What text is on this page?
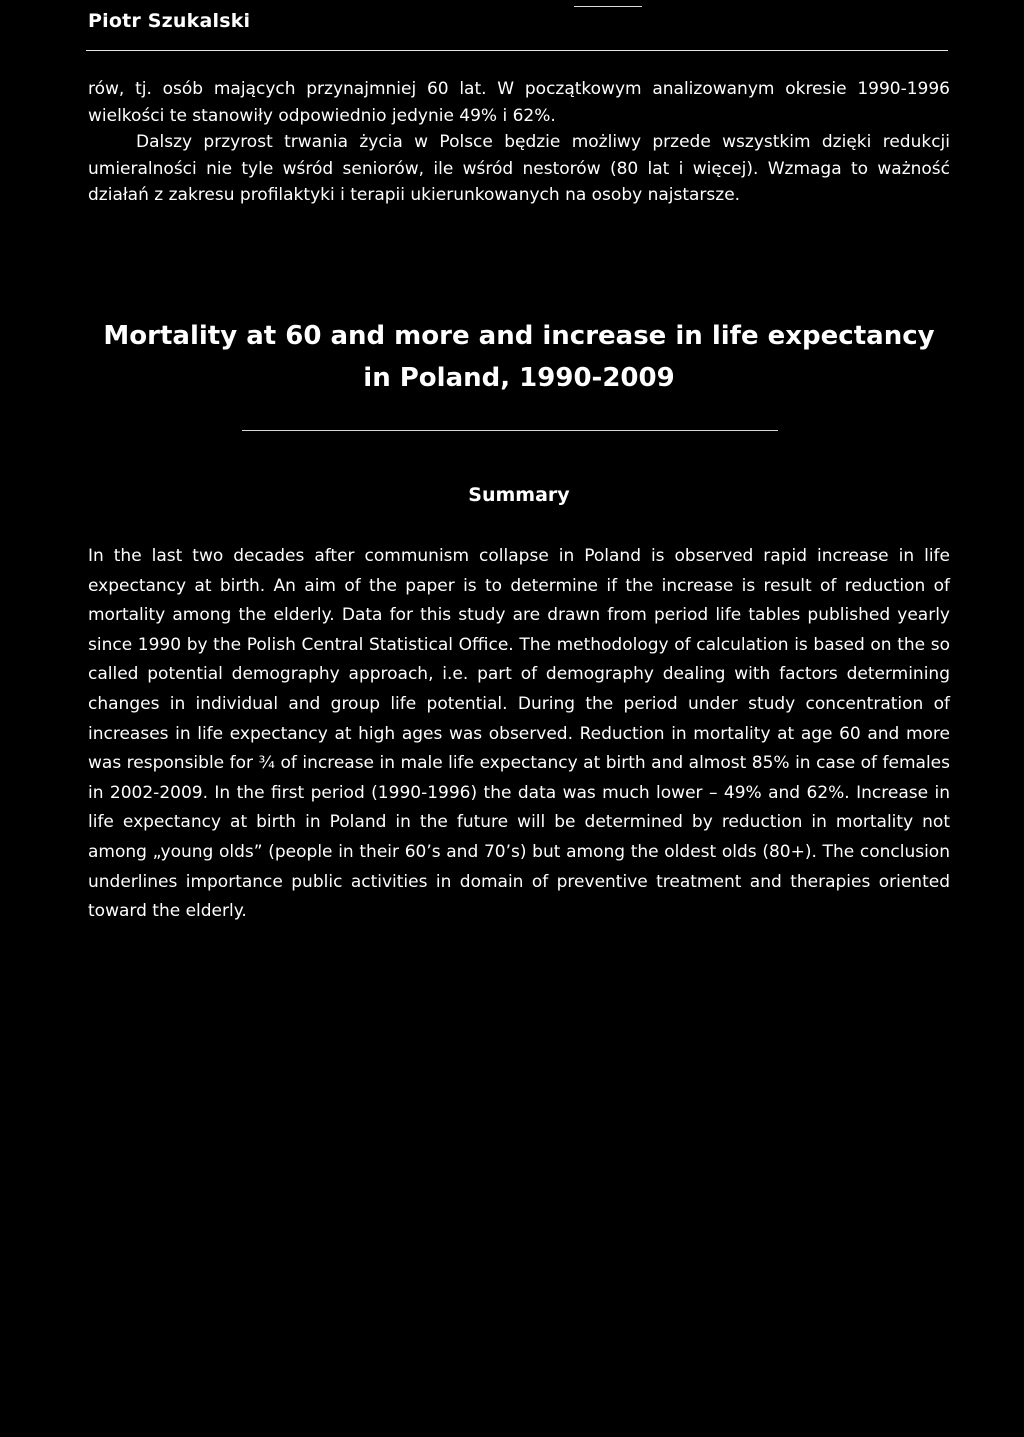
Piotr Szukalski

rów, tj. osób mających przynajmniej 60 lat. W początkowym analizowanym okresie 1990-1996 wielkości te stanowiły odpowiednio jedynie 49% i 62%.

Dalszy przyrost trwania życia w Polsce będzie możliwy przede wszystkim dzięki redukcji umieralności nie tyle wśród seniorów, ile wśród nestorów (80 lat i więcej). Wzmaga to ważność działań z zakresu profilaktyki i terapii ukierunkowanych na osoby najstarsze.

Mortality at 60 and more and increase in life expectancy
in Poland, 1990-2009
Summary
In the last two decades after communism collapse in Poland is observed rapid increase in life expectancy at birth. An aim of the paper is to determine if the increase is result of reduction of mortality among the elderly. Data for this study are drawn from period life tables published yearly since 1990 by the Polish Central Statistical Office. The methodology of calculation is based on the so called potential demography approach, i.e. part of demography dealing with factors determining changes in individual and group life potential. During the period under study concentration of increases in life expectancy at high ages was observed. Reduction in mortality at age 60 and more was responsible for ¾ of increase in male life expectancy at birth and almost 85% in case of females in 2002-2009. In the first period (1990-1996) the data was much lower – 49% and 62%. Increase in life expectancy at birth in Poland in the future will be determined by reduction in mortality not among „young olds” (people in their 60’s and 70’s) but among the oldest olds (80+). The conclusion underlines importance public activities in domain of preventive treatment and therapies oriented toward the elderly.
